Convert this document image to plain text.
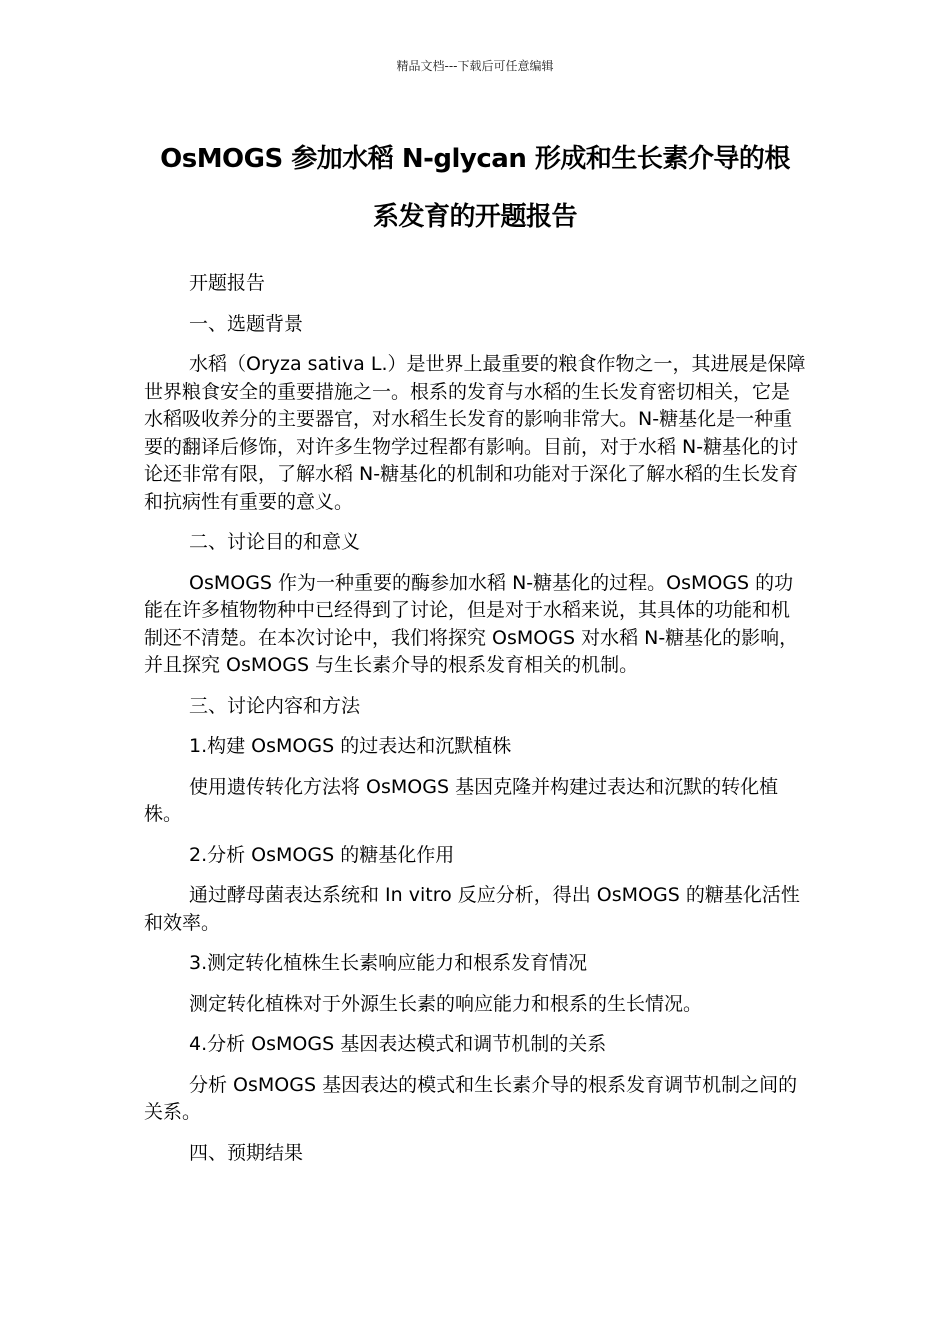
精品文档---下载后可任意编辑
OsMOGS 参加水稻 N-glycan 形成和生长素介导的根
系发育的开题报告

开题报告

一、选题背景

水稻（Oryza sativa L.）是世界上最重要的粮食作物之一，其进展是保障世界粮食安全的重要措施之一。根系的发育与水稻的生长发育密切相关，它是水稻吸收养分的主要器官，对水稻生长发育的影响非常大。N-糖基化是一种重要的翻译后修饰，对许多生物学过程都有影响。目前，对于水稻 N-糖基化的讨论还非常有限，了解水稻 N-糖基化的机制和功能对于深化了解水稻的生长发育和抗病性有重要的意义。

二、讨论目的和意义

OsMOGS 作为一种重要的酶参加水稻 N-糖基化的过程。OsMOGS 的功能在许多植物物种中已经得到了讨论，但是对于水稻来说，其具体的功能和机制还不清楚。在本次讨论中，我们将探究 OsMOGS 对水稻 N-糖基化的影响，并且探究 OsMOGS 与生长素介导的根系发育相关的机制。

三、讨论内容和方法

1.构建 OsMOGS 的过表达和沉默植株

使用遗传转化方法将 OsMOGS 基因克隆并构建过表达和沉默的转化植株。

2.分析 OsMOGS 的糖基化作用

通过酵母菌表达系统和 In vitro 反应分析，得出 OsMOGS 的糖基化活性和效率。

3.测定转化植株生长素响应能力和根系发育情况

测定转化植株对于外源生长素的响应能力和根系的生长情况。

4.分析 OsMOGS 基因表达模式和调节机制的关系

分析 OsMOGS 基因表达的模式和生长素介导的根系发育调节机制之间的关系。

四、预期结果
